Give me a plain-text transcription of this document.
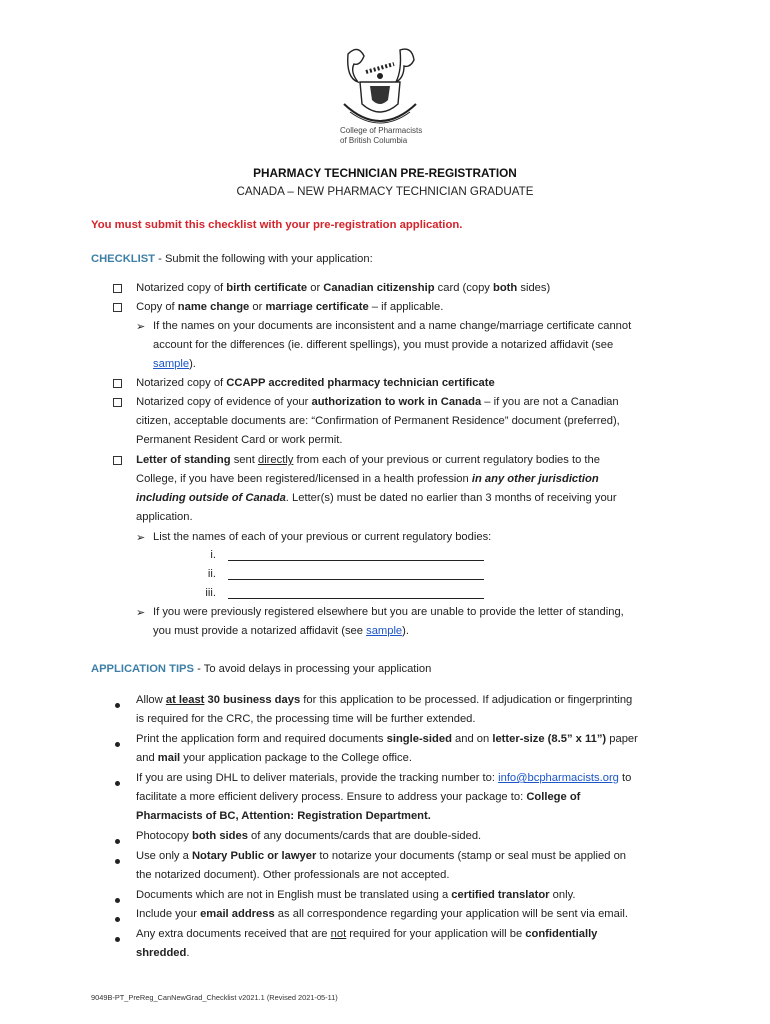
College of Pharmacists
of British Columbia
PHARMACY TECHNICIAN PRE-REGISTRATION
CANADA – NEW PHARMACY TECHNICIAN GRADUATE
You must submit this checklist with your pre-registration application.
CHECKLIST - Submit the following with your application:
Notarized copy of birth certificate or Canadian citizenship card (copy both sides)
Copy of name change or marriage certificate – if applicable.
➢ If the names on your documents are inconsistent and a name change/marriage certificate cannot
account for the differences (ie. different spellings), you must provide a notarized affidavit (see
sample).
Notarized copy of CCAPP accredited pharmacy technician certificate
Notarized copy of evidence of your authorization to work in Canada – if you are not a Canadian
citizen, acceptable documents are: “Confirmation of Permanent Residence” document (preferred),
Permanent Resident Card or work permit.
Letter of standing sent directly from each of your previous or current regulatory bodies to the
College, if you have been registered/licensed in a health profession in any other jurisdiction
including outside of Canada. Letter(s) must be dated no earlier than 3 months of receiving your
application.
➢ List the names of each of your previous or current regulatory bodies:
i.
ii.
iii.
➢ If you were previously registered elsewhere but you are unable to provide the letter of standing,
you must provide a notarized affidavit (see sample).
APPLICATION TIPS - To avoid delays in processing your application
Allow at least 30 business days for this application to be processed. If adjudication or fingerprinting
is required for the CRC, the processing time will be further extended.
Print the application form and required documents single-sided and on letter-size (8.5” x 11”) paper
and mail your application package to the College office.
If you are using DHL to deliver materials, provide the tracking number to: info@bcpharmacists.org to
facilitate a more efficient delivery process. Ensure to address your package to: College of
Pharmacists of BC, Attention: Registration Department.
Photocopy both sides of any documents/cards that are double-sided.
Use only a Notary Public or lawyer to notarize your documents (stamp or seal must be applied on
the notarized document). Other professionals are not accepted.
Documents which are not in English must be translated using a certified translator only.
Include your email address as all correspondence regarding your application will be sent via email.
Any extra documents received that are not required for your application will be confidentially
shredded.
9049B-PT_PreReg_CanNewGrad_Checklist v2021.1 (Revised 2021-05-11)
